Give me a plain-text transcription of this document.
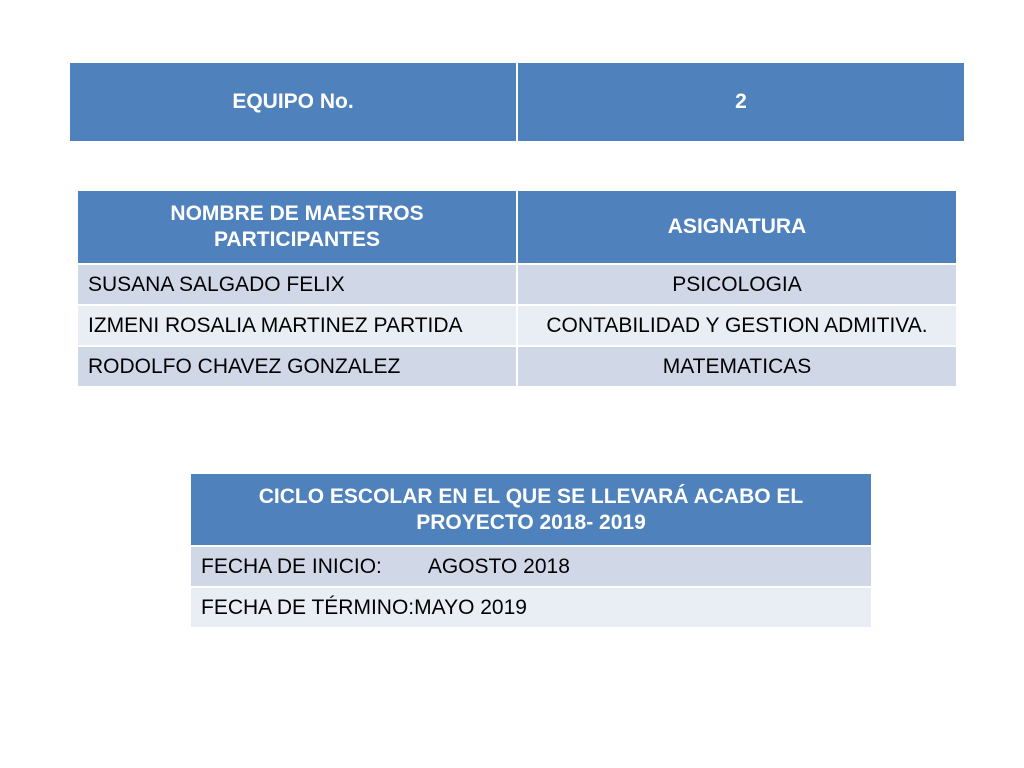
EQUIPO No.	2
NOMBRE DE MAESTROS PARTICIPANTES	ASIGNATURA
SUSANA SALGADO FELIX	PSICOLOGIA
IZMENI ROSALIA MARTINEZ PARTIDA	CONTABILIDAD Y GESTION ADMITIVA.
RODOLFO CHAVEZ GONZALEZ	MATEMATICAS
CICLO ESCOLAR EN EL QUE SE LLEVARÁ ACABO EL PROYECTO 2018- 2019
FECHA DE INICIO: AGOSTO 2018
FECHA DE TÉRMINO:MAYO 2019
